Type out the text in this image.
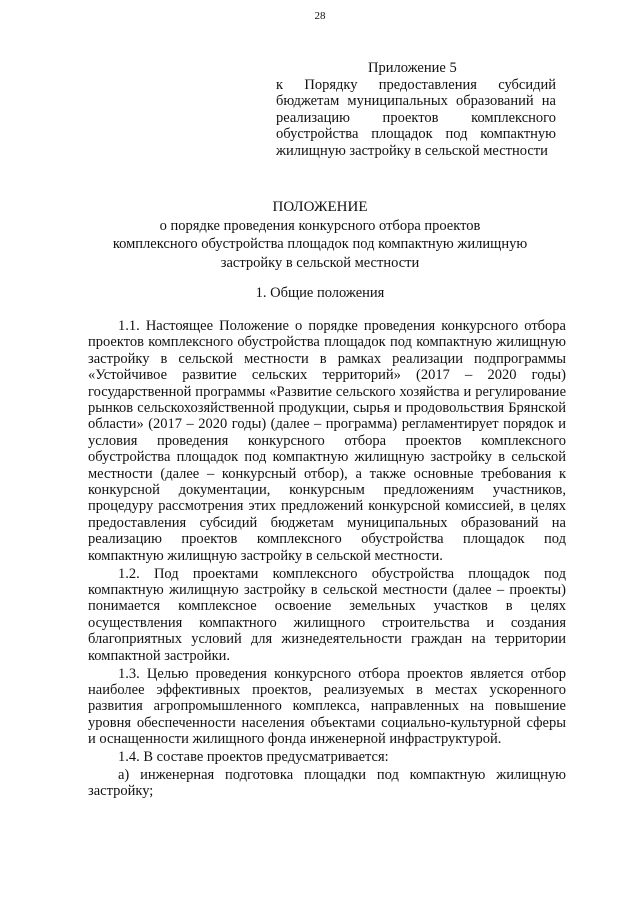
28
Приложение 5
к Порядку предоставления субсидий бюджетам муниципальных образований на реализацию проектов комплексного обустройства площадок под компактную жилищную застройку в сельской местности
ПОЛОЖЕНИЕ
о порядке проведения конкурсного отбора проектов
комплексного обустройства площадок под компактную жилищную
застройку в сельской местности
1. Общие положения

1.1. Настоящее Положение о порядке проведения конкурсного отбора проектов комплексного обустройства площадок под компактную жилищную застройку в сельской местности в рамках реализации подпрограммы «Устойчивое развитие сельских территорий» (2017 – 2020 годы) государственной программы «Развитие сельского хозяйства и регулирование рынков сельскохозяйственной продукции, сырья и продовольствия Брянской области» (2017 – 2020 годы) (далее – программа) регламентирует порядок и условия проведения конкурсного отбора проектов комплексного обустройства площадок под компактную жилищную застройку в сельской местности (далее – конкурсный отбор), а также основные требования к конкурсной документации, конкурсным предложениям участников, процедуру рассмотрения этих предложений конкурсной комиссией, в целях предоставления субсидий бюджетам муниципальных образований на реализацию проектов комплексного обустройства площадок под компактную жилищную застройку в сельской местности.

1.2. Под проектами комплексного обустройства площадок под компактную жилищную застройку в сельской местности (далее – проекты) понимается комплексное освоение земельных участков в целях осуществления компактного жилищного строительства и создания благоприятных условий для жизнедеятельности граждан на территории компактной застройки.

1.3. Целью проведения конкурсного отбора проектов является отбор наиболее эффективных проектов, реализуемых в местах ускоренного развития агропромышленного комплекса, направленных на повышение уровня обеспеченности населения объектами социально-культурной сферы и оснащенности жилищного фонда инженерной инфраструктурой.

1.4. В составе проектов предусматривается:

а) инженерная подготовка площадки под компактную жилищную застройку;
